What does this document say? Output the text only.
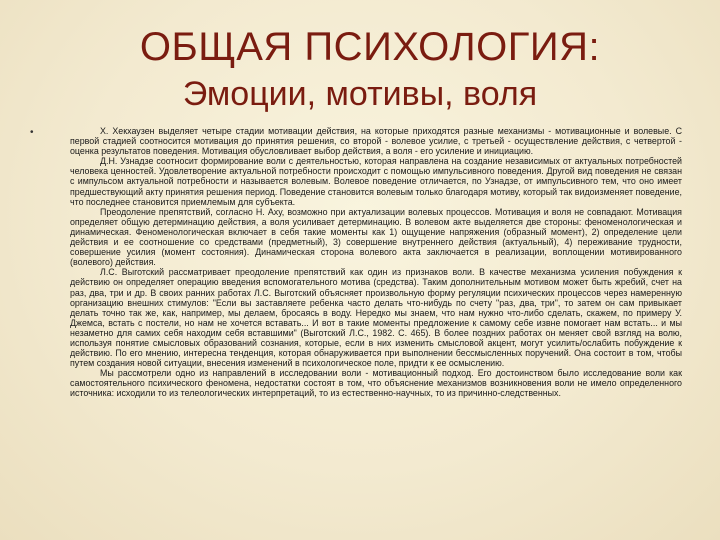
ОБЩАЯ ПСИХОЛОГИЯ:
Эмоции, мотивы, воля
•	Х. Хекхаузен выделяет четыре стадии мотивации действия, на которые приходятся разные механизмы - мотивационные и волевые. С первой стадией соотносится мотивация до принятия решения, со второй - волевое усилие, с третьей - осуществление действия, с четвертой - оценка результатов поведения. Мотивация обусловливает выбор действия, а воля - его усиление и инициацию.

Д.Н. Узнадзе соотносит формирование воли с деятельностью, которая направлена на создание независимых от актуальных потребностей человека ценностей. Удовлетворение актуальной потребности происходит с помощью импульсивного поведения. Другой вид поведения не связан с импульсом актуальной потребности и называется волевым. Волевое поведение отличается, по Узнадзе, от импульсивного тем, что оно имеет предшествующий акту принятия решения период. Поведение становится волевым только благодаря мотиву, который так видоизменяет поведение, что последнее становится приемлемым для субъекта.

Преодоление препятствий, согласно Н. Аху, возможно при актуализации волевых процессов. Мотивация и воля не совпадают. Мотивация определяет общую детерминацию действия, а воля усиливает детерминацию. В волевом акте выделяется две стороны: феноменологическая и динамическая. Феноменологическая включает в себя такие моменты как 1) ощущение напряжения (образный момент), 2) определение цели действия и ее соотношение со средствами (предметный), 3) совершение внутреннего действия (актуальный), 4) переживание трудности, совершение усилия (момент состояния). Динамическая сторона волевого акта заключается в реализации, воплощении мотивированного (волевого) действия.

Л.С. Выготский рассматривает преодоление препятствий как один из признаков воли. В качестве механизма усиления побуждения к действию он определяет операцию введения вспомогательного мотива (средства). Таким дополнительным мотивом может быть жребий, счет на раз, два, три и др. В своих ранних работах Л.С. Выготский объясняет произвольную форму регуляции психических процессов через намеренную организацию внешних стимулов: "Если вы заставляете ребенка часто делать что-нибудь по счету "раз, два, три", то затем он сам привыкает делать точно так же, как, например, мы делаем, бросаясь в воду. Нередко мы знаем, что нам нужно что-либо сделать, скажем, по примеру У. Джемса, встать с постели, но нам не хочется вставать... И вот в такие моменты предложение к самому себе извне помогает нам встать... и мы незаметно для самих себя находим себя вставшими" (Выготский Л.С., 1982. С. 465). В более поздних работах он меняет свой взгляд на волю, используя понятие смысловых образований сознания, которые, если в них изменить смысловой акцент, могут усилить/ослабить побуждение к действию. По его мнению, интересна тенденция, которая обнаруживается при выполнении бессмысленных поручений. Она состоит в том, чтобы путем создания новой ситуации, внесения изменений в психологическое поле, придти к ее осмыслению.

Мы рассмотрели одно из направлений в исследовании воли - мотивационный подход. Его достоинством было исследование воли как самостоятельного психического феномена, недостатки состоят в том, что объяснение механизмов возникновения воли не имело определенного источника: исходили то из телеологических интерпретаций, то из естественно-научных, то из причинно-следственных.
